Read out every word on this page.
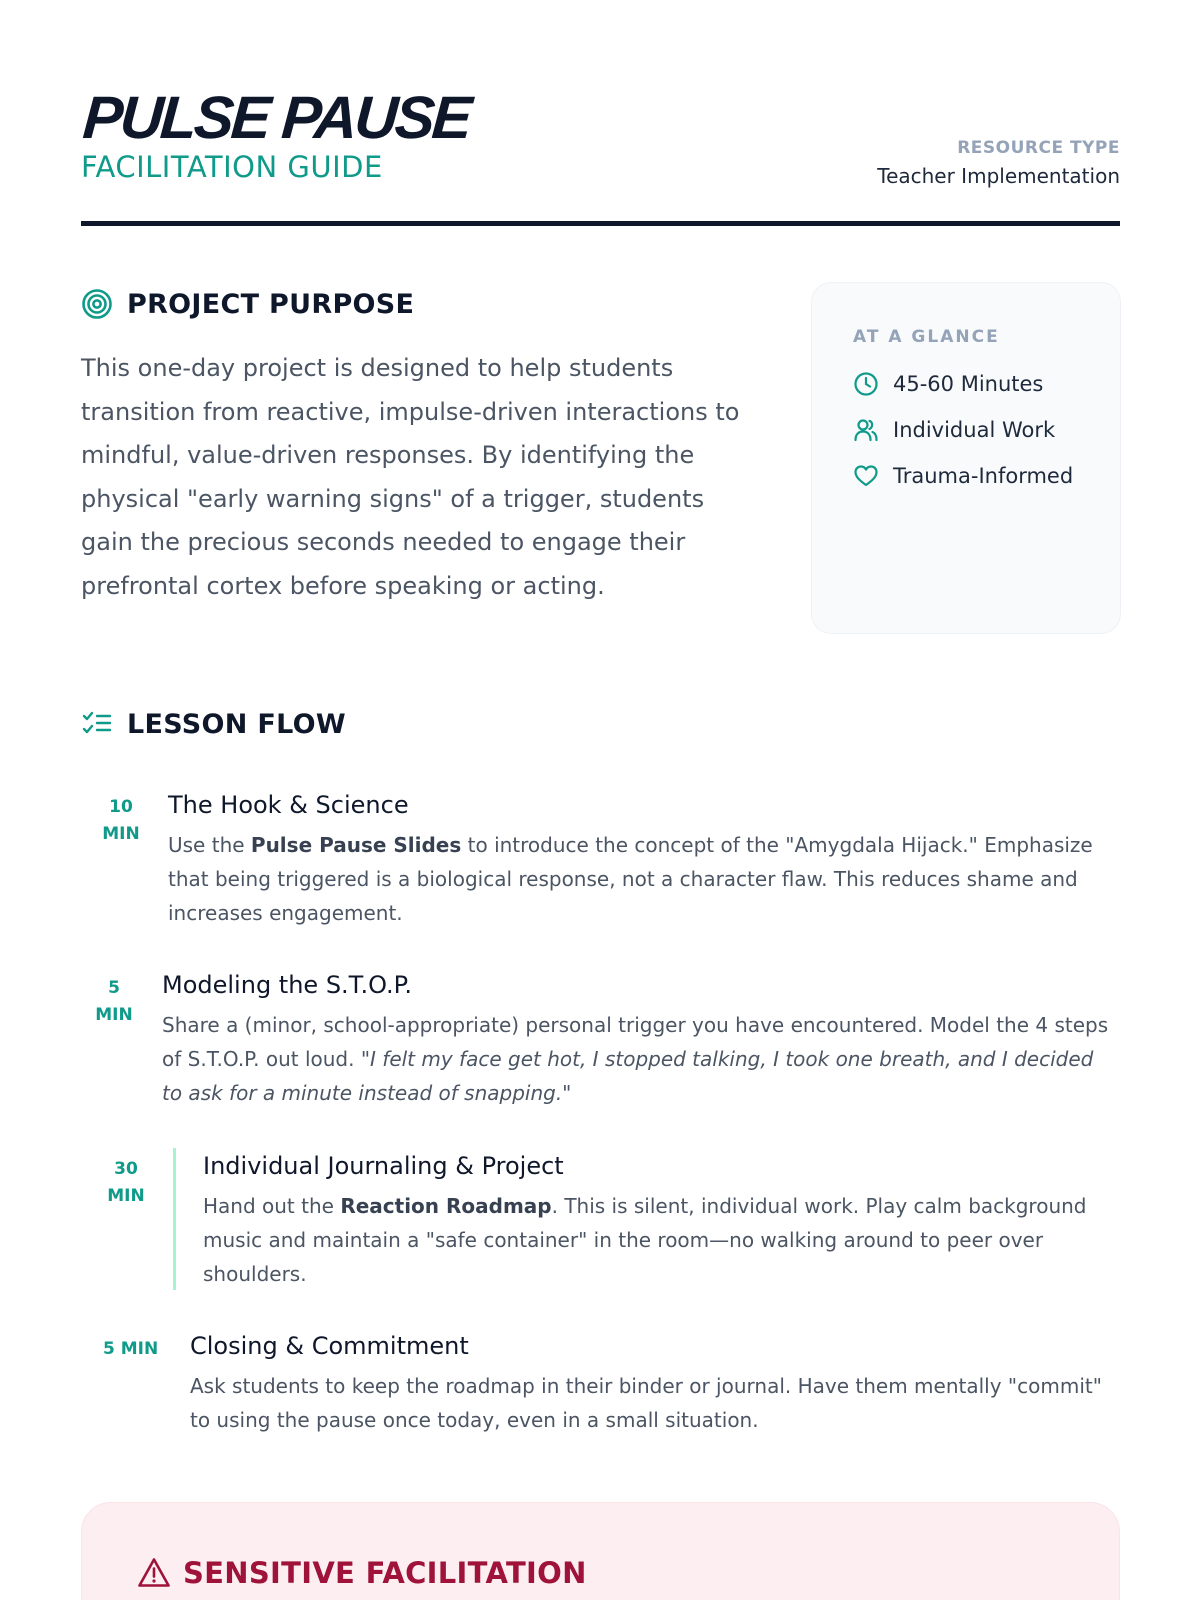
PULSE PAUSE
FACILITATION GUIDE
RESOURCE TYPE
Teacher Implementation
PROJECT PURPOSE
This one-day project is designed to help students transition from reactive, impulse-driven interactions to mindful, value-driven responses. By identifying the physical "early warning signs" of a trigger, students gain the precious seconds needed to engage their prefrontal cortex before speaking or acting.
AT A GLANCE
45-60 Minutes
Individual Work
Trauma-Informed
LESSON FLOW
10
MIN
The Hook & Science
Use the Pulse Pause Slides to introduce the concept of the "Amygdala Hijack." Emphasize that being triggered is a biological response, not a character flaw. This reduces shame and increases engagement.
5
MIN
Modeling the S.T.O.P.
Share a (minor, school-appropriate) personal trigger you have encountered. Model the 4 steps of S.T.O.P. out loud. "I felt my face get hot, I stopped talking, I took one breath, and I decided to ask for a minute instead of snapping."
30
MIN
Individual Journaling & Project
Hand out the Reaction Roadmap. This is silent, individual work. Play calm background music and maintain a "safe container" in the room—no walking around to peer over shoulders.
5 MIN Closing & Commitment
Ask students to keep the roadmap in their binder or journal. Have them mentally "commit" to using the pause once today, even in a small situation.
SENSITIVE FACILITATION
